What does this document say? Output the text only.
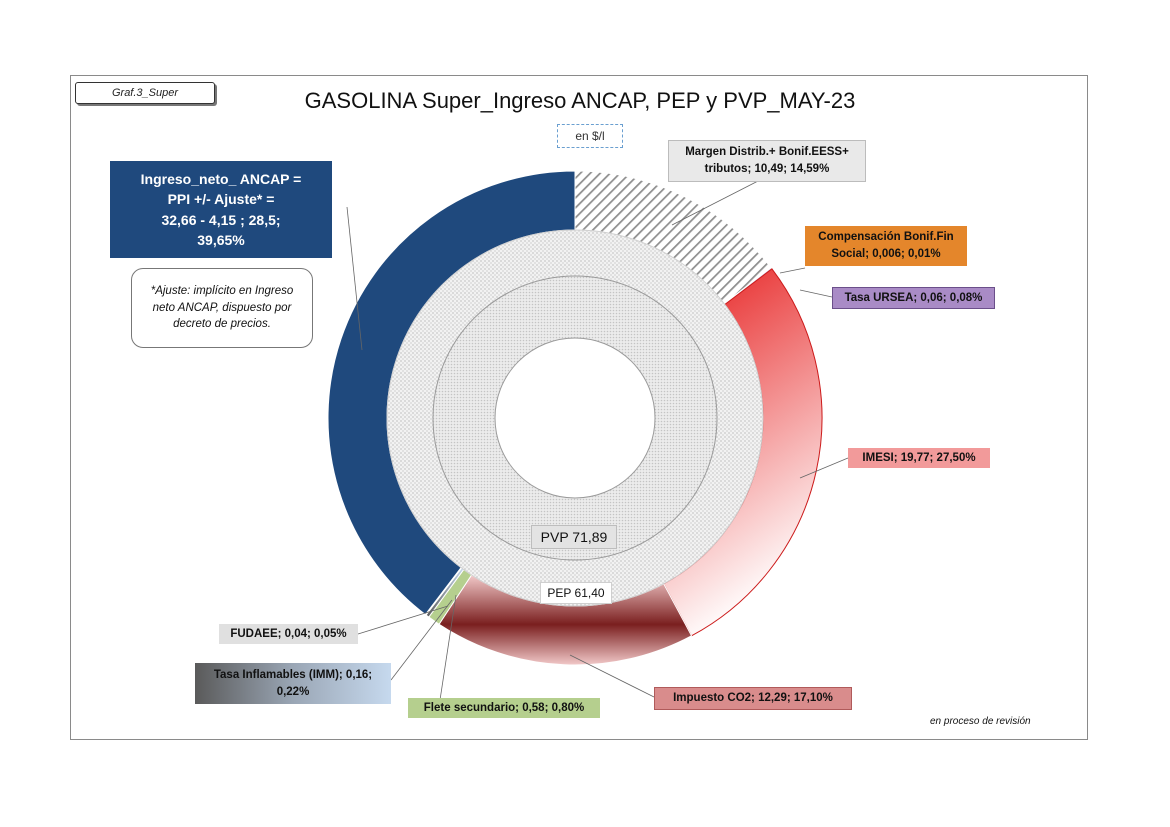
Graf.3_Super	GASOLINA Super_Ingreso ANCAP, PEP y PVP_MAY-23
en $/l
Ingreso_neto_ ANCAP =
PPI +/- Ajuste* =
32,66 - 4,15 ; 28,5;
39,65%
*Ajuste: implícito en Ingreso neto ANCAP, dispuesto por decreto de precios.
Margen Distrib.+ Bonif.EESS+
tributos; 10,49; 14,59%
Compensación Bonif.Fin
Social; 0,006; 0,01%
Tasa URSEA; 0,06; 0,08%
IMESI; 19,77; 27,50%
Impuesto CO2; 12,29; 17,10%
Flete secundario; 0,58; 0,80%
FUDAEE; 0,04; 0,05%
Tasa Inflamables (IMM); 0,16;
0,22%
PVP 71,89
PEP 61,40
en proceso de revisión
